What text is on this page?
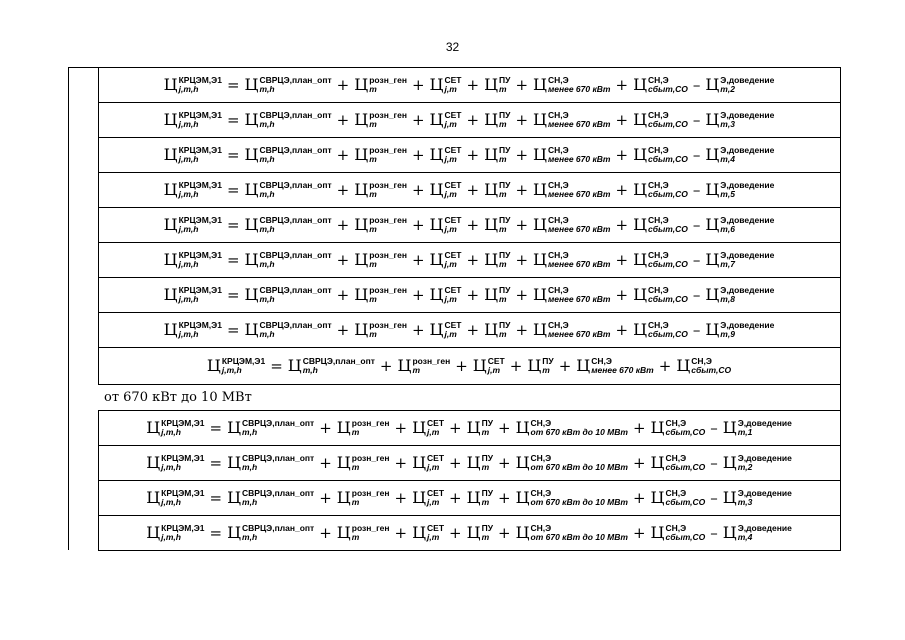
32
от 670 кВт до 10 МВт
Ц КРЦЭМ,Э1
j,m,h	= Ц СВРЦЭ,план_опт
m,h	+ Ц розн_ген
m	+ Ц СЕТ
j,m + Ц ПУ
m + Ц СН,Э
менее 670 кВт + Ц СН,Э
сбыт,СО – Ц Э,доведение
m,2
Ц КРЦЭМ,Э1
j,m,h	= Ц СВРЦЭ,план_опт
m,h	+ Ц розн_ген
m	+ Ц СЕТ
j,m + Ц ПУ
m + Ц СН,Э
менее 670 кВт + Ц СН,Э
сбыт,СО – Ц Э,доведение
m,3
Ц КРЦЭМ,Э1
j,m,h	= Ц СВРЦЭ,план_опт
m,h	+ Ц розн_ген
m	+ Ц СЕТ
j,m + Ц ПУ
m + Ц СН,Э
менее 670 кВт + Ц СН,Э
сбыт,СО – Ц Э,доведение
m,4
Ц КРЦЭМ,Э1
j,m,h	= Ц СВРЦЭ,план_опт
m,h	+ Ц розн_ген
m	+ Ц СЕТ
j,m + Ц ПУ
m + Ц СН,Э
менее 670 кВт + Ц СН,Э
сбыт,СО – Ц Э,доведение
m,5
Ц КРЦЭМ,Э1
j,m,h	= Ц СВРЦЭ,план_опт
m,h	+ Ц розн_ген
m	+ Ц СЕТ
j,m + Ц ПУ
m + Ц СН,Э
менее 670 кВт + Ц СН,Э
сбыт,СО – Ц Э,доведение
m,6
Ц КРЦЭМ,Э1
j,m,h	= Ц СВРЦЭ,план_опт
m,h	+ Ц розн_ген
m	+ Ц СЕТ
j,m + Ц ПУ
m + Ц СН,Э
менее 670 кВт + Ц СН,Э
сбыт,СО – Ц Э,доведение
m,7
Ц КРЦЭМ,Э1
j,m,h	= Ц СВРЦЭ,план_опт
m,h	+ Ц розн_ген
m	+ Ц СЕТ
j,m + Ц ПУ
m + Ц СН,Э
менее 670 кВт + Ц СН,Э
сбыт,СО – Ц Э,доведение
m,8
Ц КРЦЭМ,Э1
j,m,h	= Ц СВРЦЭ,план_опт
m,h	+ Ц розн_ген
m	+ Ц СЕТ
j,m + Ц ПУ
m + Ц СН,Э
менее 670 кВт + Ц СН,Э
сбыт,СО – Ц Э,доведение
m,9
Ц КРЦЭМ,Э1
j,m,h	= Ц СВРЦЭ,план_опт
m,h	+ Ц розн_ген
m	+ Ц СЕТ
j,m + Ц ПУ
m + Ц СН,Э
менее 670 кВт + Ц СН,Э
сбыт,СО
Ц КРЦЭМ,Э1
j,m,h	= Ц СВРЦЭ,план_опт
m,h	+ Ц розн_ген
m	+ Ц СЕТ
j,m + Ц ПУ
m + Ц СН,Э
от 670 кВт до 10 МВт + Ц СН,Э
сбыт,СО – Ц Э,доведение
m,1
Ц КРЦЭМ,Э1
j,m,h	= Ц СВРЦЭ,план_опт
m,h	+ Ц розн_ген
m	+ Ц СЕТ
j,m + Ц ПУ
m + Ц СН,Э
от 670 кВт до 10 МВт + Ц СН,Э
сбыт,СО – Ц Э,доведение
m,2
Ц КРЦЭМ,Э1
j,m,h	= Ц СВРЦЭ,план_опт
m,h	+ Ц розн_ген
m	+ Ц СЕТ
j,m + Ц ПУ
m + Ц СН,Э
от 670 кВт до 10 МВт + Ц СН,Э
сбыт,СО – Ц Э,доведение
m,3
Ц КРЦЭМ,Э1
j,m,h	= Ц СВРЦЭ,план_опт
m,h	+ Ц розн_ген
m	+ Ц СЕТ
j,m + Ц ПУ
m + Ц СН,Э
от 670 кВт до 10 МВт + Ц СН,Э
сбыт,СО – Ц Э,доведение
m,4
